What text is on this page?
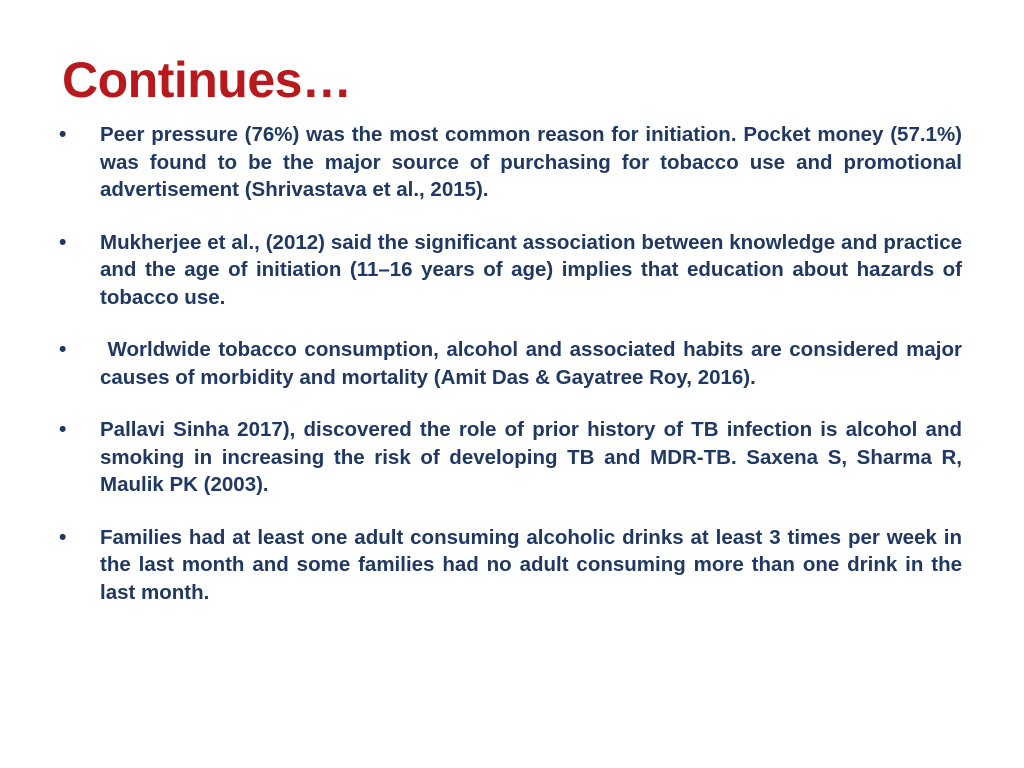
Continues…
• Peer pressure (76%) was the most common reason for initiation. Pocket money (57.1%) was found to be the major source of purchasing for tobacco use and promotional advertisement (Shrivastava et al., 2015).
• Mukherjee et al., (2012) said the significant association between knowledge and practice and the age of initiation (11–16 years of age) implies that education about hazards of tobacco use.
• Worldwide tobacco consumption, alcohol and associated habits are considered major causes of morbidity and mortality (Amit Das & Gayatree Roy, 2016).
• Pallavi Sinha 2017), discovered the role of prior history of TB infection is alcohol and smoking in increasing the risk of developing TB and MDR-TB. Saxena S, Sharma R, Maulik PK (2003).
• Families had at least one adult consuming alcoholic drinks at least 3 times per week in the last month and some families had no adult consuming more than one drink in the last month.
